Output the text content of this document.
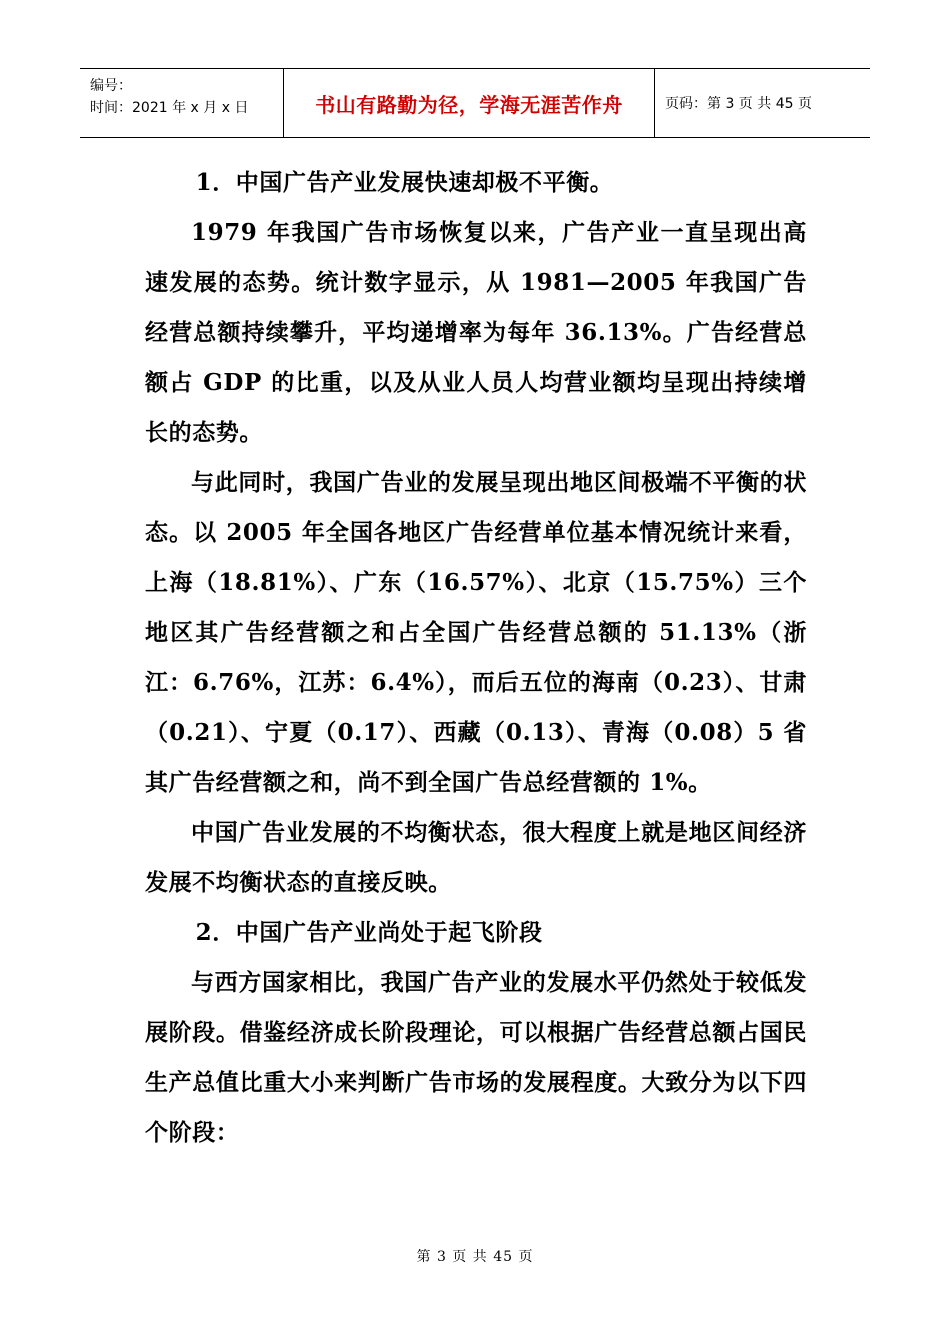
编号：
时间：2021 年 x 月 x 日	书山有路勤为径，学海无涯苦作舟	页码：第 3 页 共 45 页

1．中国广告产业发展快速却极不平衡。

1979 年我国广告市场恢复以来，广告产业一直呈现出高速发展的态势。统计数字显示，从 1981—2005 年我国广告经营总额持续攀升，平均递增率为每年 36.13%。广告经营总额占 GDP 的比重，以及从业人员人均营业额均呈现出持续增长的态势。

与此同时，我国广告业的发展呈现出地区间极端不平衡的状态。以 2005 年全国各地区广告经营单位基本情况统计来看，上海（18.81%）、广东（16.57%）、北京（15.75%）三个地区其广告经营额之和占全国广告经营总额的 51.13%（浙江：6.76%，江苏：6.4%），而后五位的海南（0.23）、甘肃（0.21）、宁夏（0.17）、西藏（0.13）、青海（0.08）5 省其广告经营额之和，尚不到全国广告总经营额的 1%。

中国广告业发展的不均衡状态，很大程度上就是地区间经济发展不均衡状态的直接反映。

2．中国广告产业尚处于起飞阶段

与西方国家相比，我国广告产业的发展水平仍然处于较低发展阶段。借鉴经济成长阶段理论，可以根据广告经营总额占国民生产总值比重大小来判断广告市场的发展程度。大致分为以下四个阶段：

第 3 页 共 45 页
